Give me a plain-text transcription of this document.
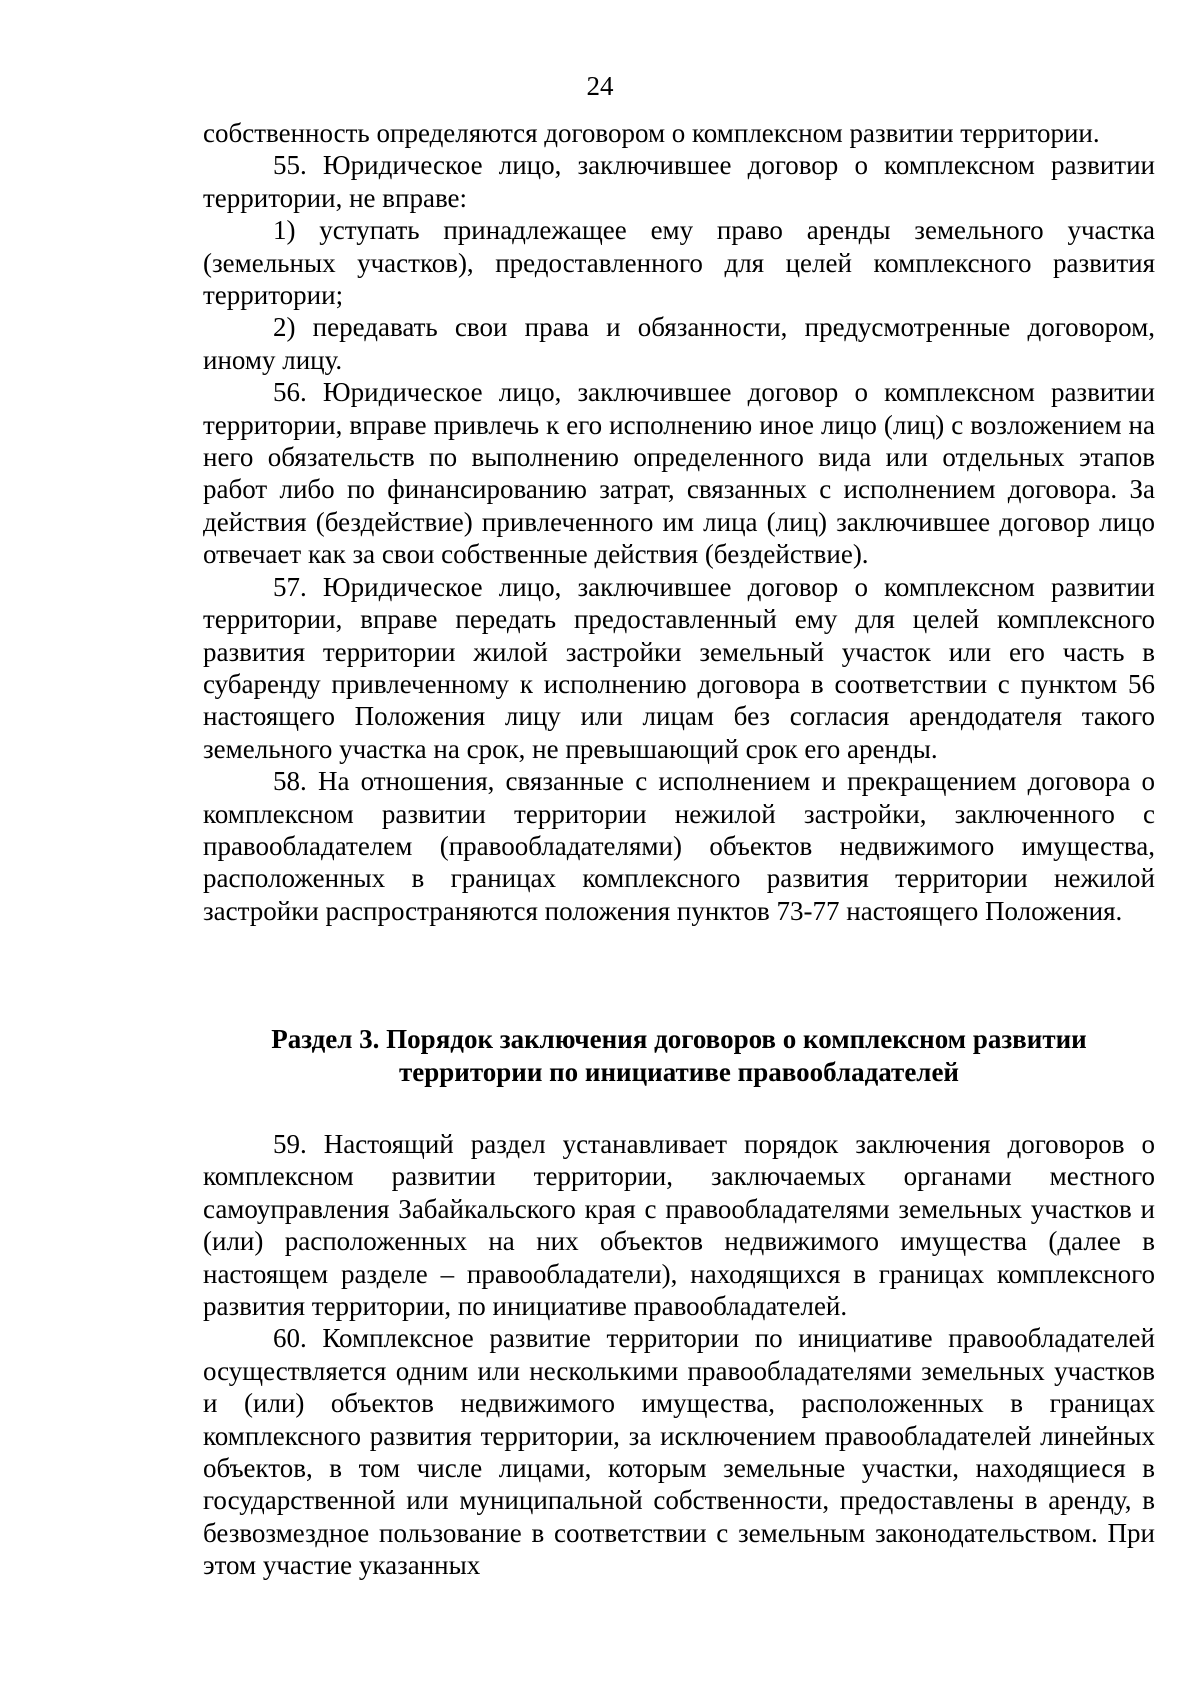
24

собственность определяются договором о комплексном развитии территории.

55. Юридическое лицо, заключившее договор о комплексном развитии территории, не вправе:

1) уступать принадлежащее ему право аренды земельного участка (земельных участков), предоставленного для целей комплексного развития территории;

2) передавать свои права и обязанности, предусмотренные договором, иному лицу.

56. Юридическое лицо, заключившее договор о комплексном развитии территории, вправе привлечь к его исполнению иное лицо (лиц) с возложением на него обязательств по выполнению определенного вида или отдельных этапов работ либо по финансированию затрат, связанных с исполнением договора. За действия (бездействие) привлеченного им лица (лиц) заключившее договор лицо отвечает как за свои собственные действия (бездействие).

57. Юридическое лицо, заключившее договор о комплексном развитии территории, вправе передать предоставленный ему для целей комплексного развития территории жилой застройки земельный участок или его часть в субаренду привлеченному к исполнению договора в соответствии с пунктом 56 настоящего Положения лицу или лицам без согласия арендодателя такого земельного участка на срок, не превышающий срок его аренды.

58. На отношения, связанные с исполнением и прекращением договора о комплексном развитии территории нежилой застройки, заключенного с правообладателем (правообладателями) объектов недвижимого имущества, расположенных в границах комплексного развития территории нежилой застройки распространяются положения пунктов 73-77 настоящего Положения.

Раздел 3. Порядок заключения договоров о комплексном развитии
территории по инициативе правообладателей

59. Настоящий раздел устанавливает порядок заключения договоров о комплексном развитии территории, заключаемых органами местного самоуправления Забайкальского края с правообладателями земельных участков и (или) расположенных на них объектов недвижимого имущества (далее в настоящем разделе – правообладатели), находящихся в границах комплексного развития территории, по инициативе правообладателей.

60. Комплексное развитие территории по инициативе правообладателей осуществляется одним или несколькими правообладателями земельных участков и (или) объектов недвижимого имущества, расположенных в границах комплексного развития территории, за исключением правообладателей линейных объектов, в том числе лицами, которым земельные участки, находящиеся в государственной или муниципальной собственности, предоставлены в аренду, в безвозмездное пользование в соответствии с земельным законодательством. При этом участие указанных
